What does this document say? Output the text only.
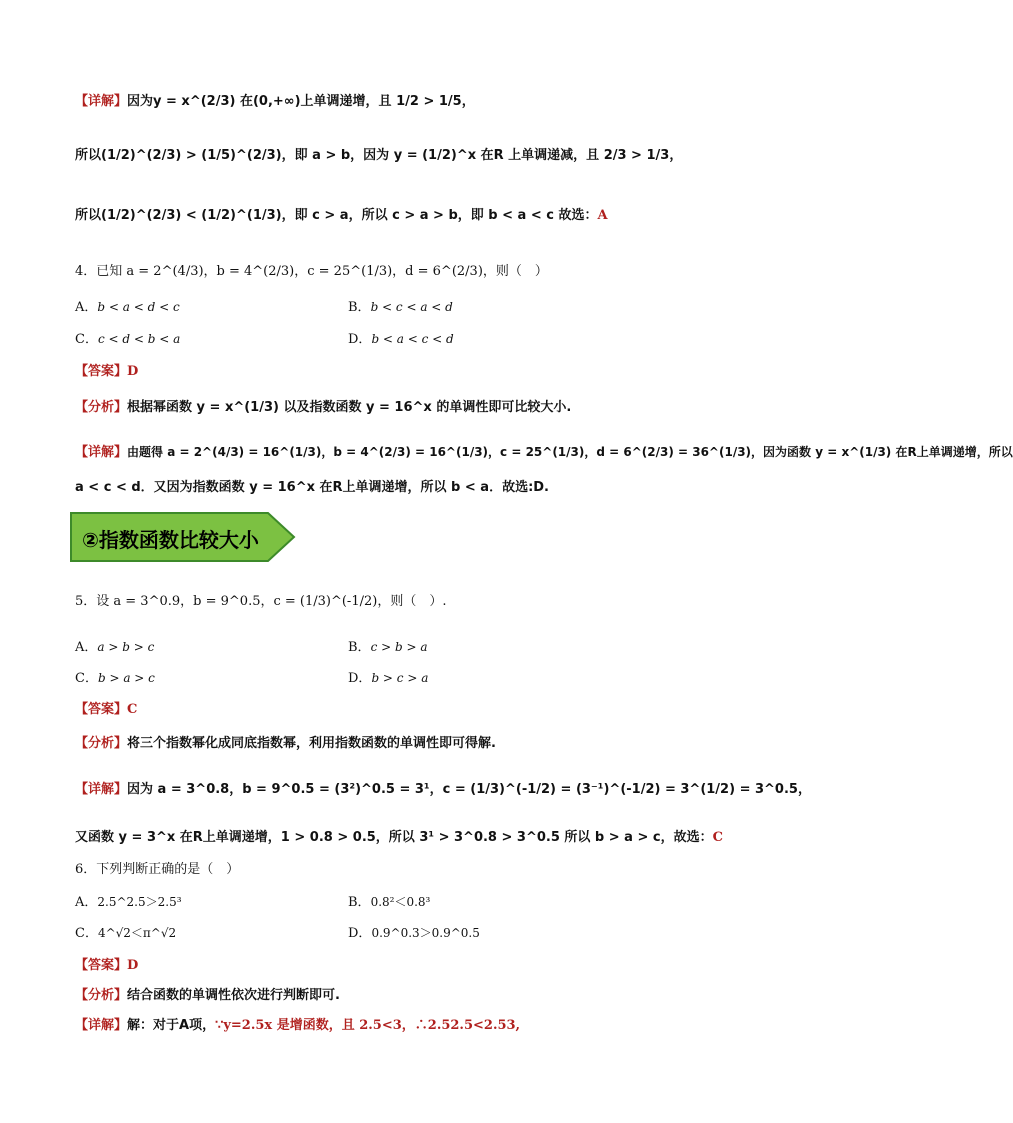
【详解】因为y = x^(2/3) 在(0,+∞)上单调递增，且 1/2 > 1/5，
所以(1/2)^(2/3) > (1/5)^(2/3)，即 a > b，因为 y = (1/2)^x 在R 上单调递减，且 2/3 > 1/3，
所以(1/2)^(2/3) < (1/2)^(1/3)，即 c > a，所以 c > a > b，即 b < a < c 故选：A
4．已知 a = 2^(4/3)，b = 4^(2/3)，c = 25^(1/3)，d = 6^(2/3)，则（　）
A．b < a < d < c	B．b < c < a < d
C．c < d < b < a	D．b < a < c < d
【答案】D
【分析】根据幂函数 y = x^(1/3) 以及指数函数 y = 16^x 的单调性即可比较大小.
【详解】由题得 a = 2^(4/3) = 16^(1/3)，b = 4^(2/3) = 16^(1/3)，c = 25^(1/3)，d = 6^(2/3) = 36^(1/3)，因为函数 y = x^(1/3) 在R上单调递增，所以
a < c < d．又因为指数函数 y = 16^x 在R上单调递增，所以 b < a．故选:D.
②指数函数比较大小
5．设 a = 3^0.9，b = 9^0.5，c = (1/3)^(-1/2)，则（　）.
A．a > b > c	B．c > b > a
C．b > a > c	D．b > c > a
【答案】C
【分析】将三个指数幂化成同底指数幂，利用指数函数的单调性即可得解.
【详解】因为 a = 3^0.8，b = 9^0.5 = (3²)^0.5 = 3¹，c = (1/3)^(-1/2) = (3⁻¹)^(-1/2) = 3^(1/2) = 3^0.5，
又函数 y = 3^x 在R上单调递增，1 > 0.8 > 0.5，所以 3¹ > 3^0.8 > 3^0.5 所以 b > a > c，故选：C
6．下列判断正确的是（　）
A．2.5^2.5＞2.5³	B．0.8²＜0.8³
C．4^√2＜π^√2	D．0.9^0.3＞0.9^0.5
【答案】D
【分析】结合函数的单调性依次进行判断即可.
【详解】解：对于A项，∵y=2.5x 是增函数，且 2.5<3，∴2.52.5<2.53,
